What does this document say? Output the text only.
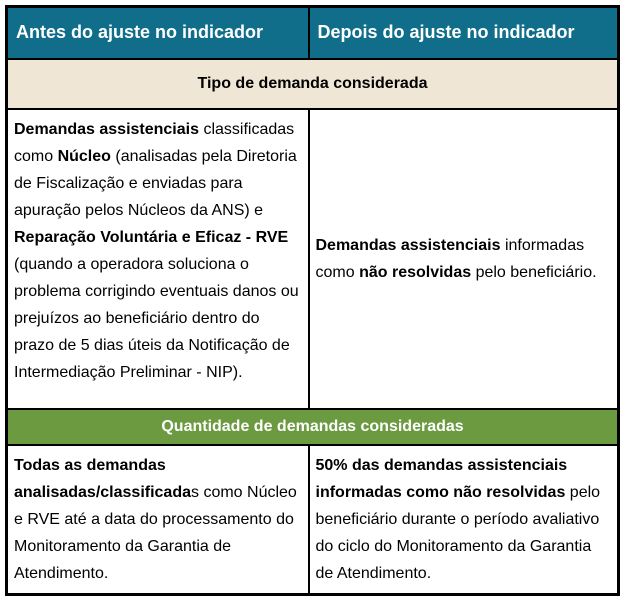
Antes do ajuste no indicador	Depois do ajuste no indicador
Tipo de demanda considerada	
Demandas assistenciais classificadas como Núcleo (analisadas pela Diretoria de Fiscalização e enviadas para apuração pelos Núcleos da ANS) e Reparação Voluntária e Eficaz - RVE (quando a operadora soluciona o problema corrigindo eventuais danos ou prejuízos ao beneficiário dentro do prazo de 5 dias úteis da Notificação de Intermediação Preliminar - NIP).	Demandas assistenciais informadas como não resolvidas pelo beneficiário.
Quantidade de demandas consideradas	
Todas as demandas analisadas/classificadas como Núcleo e RVE até a data do processamento do Monitoramento da Garantia de Atendimento.	50% das demandas assistenciais informadas como não resolvidas pelo beneficiário durante o período avaliativo do ciclo do Monitoramento da Garantia de Atendimento.
